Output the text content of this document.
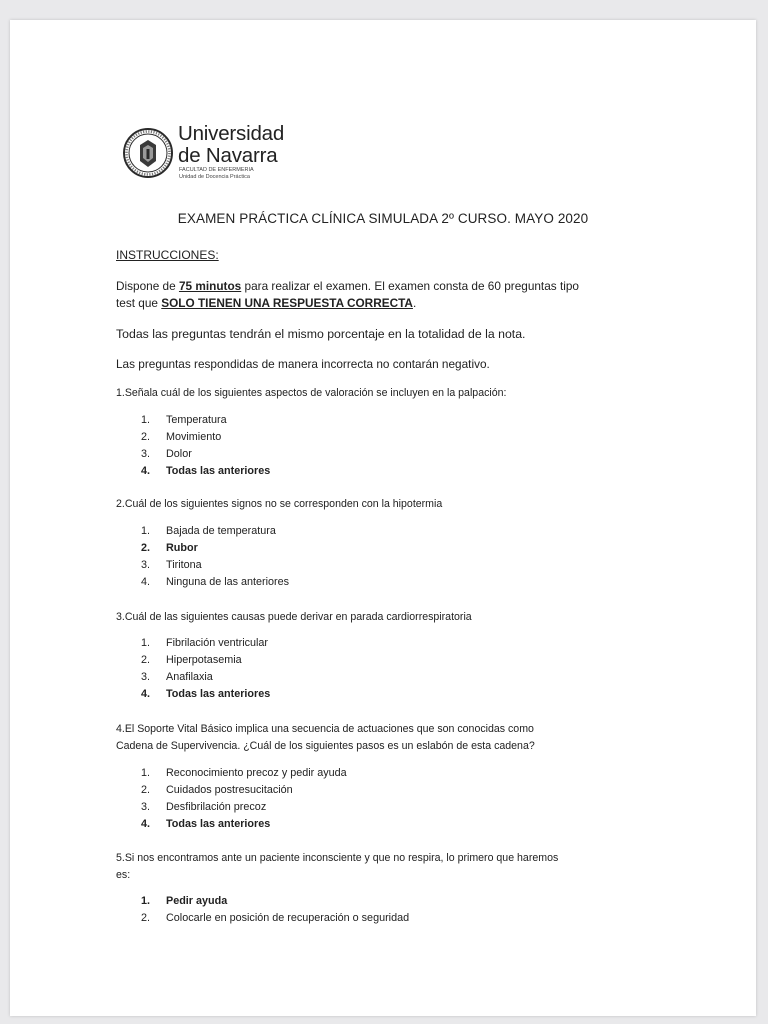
Universidad
de Navarra
FACULTAD DE ENFERMERIA
Unidad de Docencia Práctica
EXAMEN PRÁCTICA CLÍNICA SIMULADA 2º CURSO. MAYO 2020
INSTRUCCIONES:
Dispone de 75 minutos para realizar el examen. El examen consta de 60 preguntas tipo
test que SOLO TIENEN UNA RESPUESTA CORRECTA.
Todas las preguntas tendrán el mismo porcentaje en la totalidad de la nota.
Las preguntas respondidas de manera incorrecta no contarán negativo.
1.Señala cuál de los siguientes aspectos de valoración se incluyen en la palpación:
1. Temperatura
2. Movimiento
3. Dolor
4. Todas las anteriores
2.Cuál de los siguientes signos no se corresponden con la hipotermia
1. Bajada de temperatura
2. Rubor
3. Tiritona
4. Ninguna de las anteriores
3.Cuál de las siguientes causas puede derivar en parada cardiorrespiratoria
1. Fibrilación ventricular
2. Hiperpotasemia
3. Anafilaxia
4. Todas las anteriores
4.El Soporte Vital Básico implica una secuencia de actuaciones que son conocidas como
Cadena de Supervivencia. ¿Cuál de los siguientes pasos es un eslabón de esta cadena?
1. Reconocimiento precoz y pedir ayuda
2. Cuidados postresucitación
3. Desfibrilación precoz
4. Todas las anteriores
5.Si nos encontramos ante un paciente inconsciente y que no respira, lo primero que haremos
es:
1. Pedir ayuda
2. Colocarle en posición de recuperación o seguridad
